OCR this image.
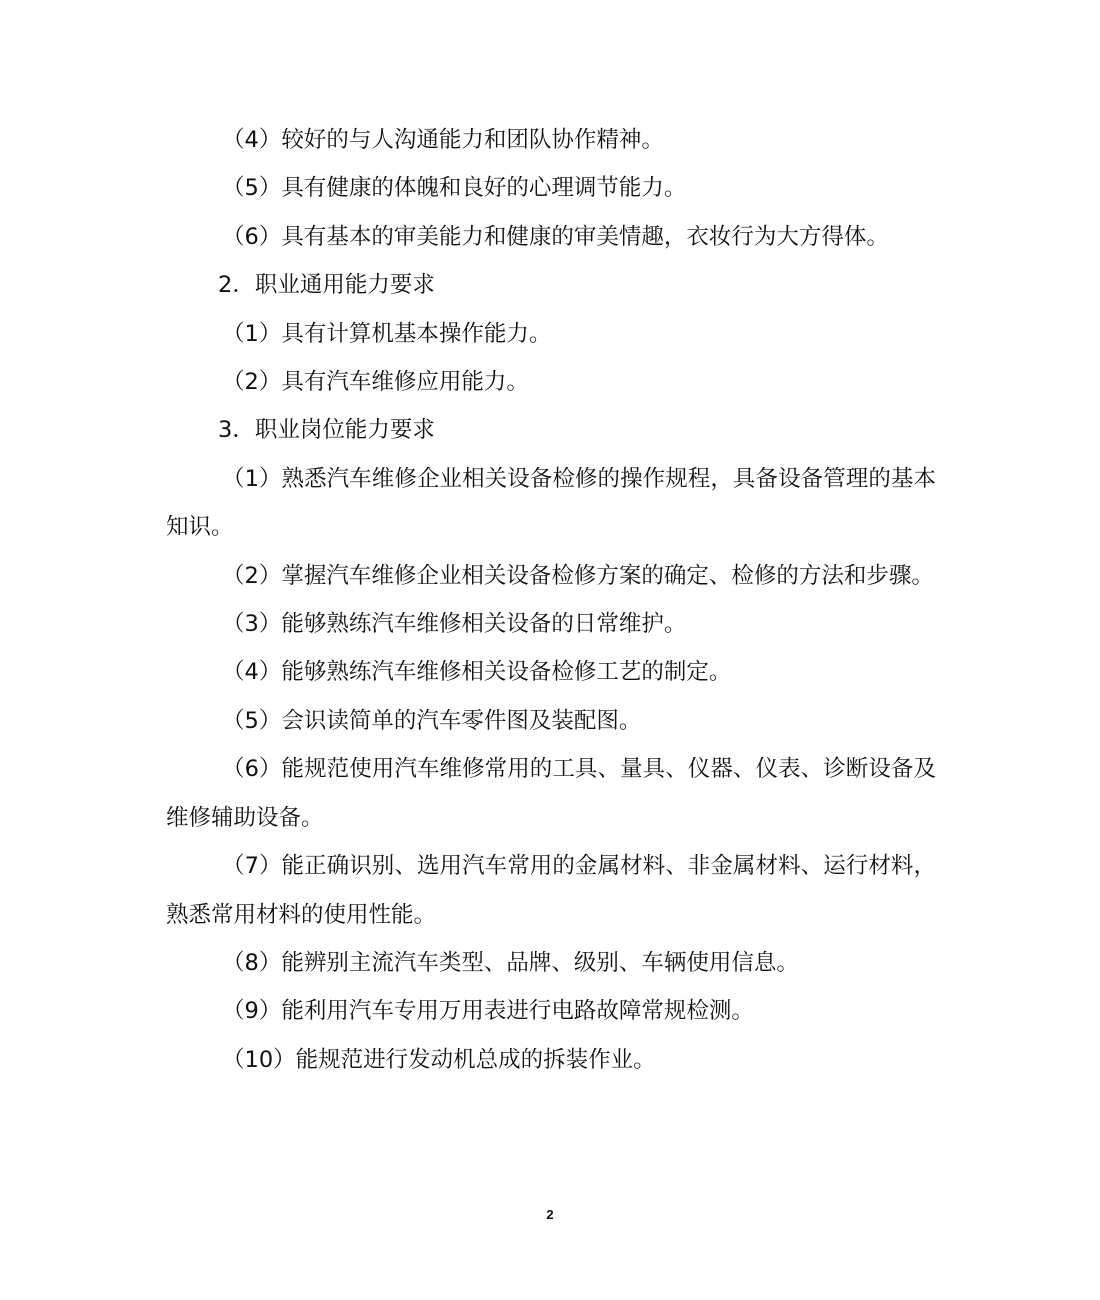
（4）较好的与人沟通能力和团队协作精神。

（5）具有健康的体魄和良好的心理调节能力。

（6）具有基本的审美能力和健康的审美情趣，衣妆行为大方得体。

2．职业通用能力要求

（1）具有计算机基本操作能力。

（2）具有汽车维修应用能力。

3．职业岗位能力要求

（1）熟悉汽车维修企业相关设备检修的操作规程，具备设备管理的基本知识。

（2）掌握汽车维修企业相关设备检修方案的确定、检修的方法和步骤。

（3）能够熟练汽车维修相关设备的日常维护。

（4）能够熟练汽车维修相关设备检修工艺的制定。

（5）会识读简单的汽车零件图及装配图。

（6）能规范使用汽车维修常用的工具、量具、仪器、仪表、诊断设备及维修辅助设备。

（7）能正确识别、选用汽车常用的金属材料、非金属材料、运行材料，熟悉常用材料的使用性能。

（8）能辨别主流汽车类型、品牌、级别、车辆使用信息。

（9）能利用汽车专用万用表进行电路故障常规检测。

（10）能规范进行发动机总成的拆装作业。

2
